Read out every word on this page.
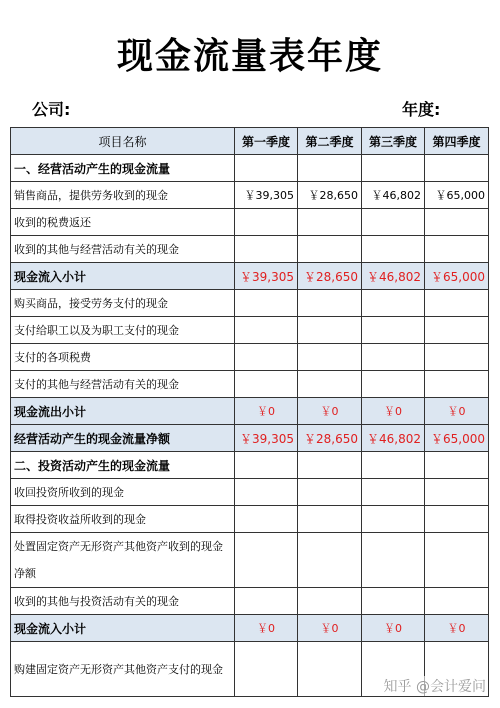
现金流量表年度
公司:	年度:
项目名称	第一季度	第二季度	第三季度	第四季度
一、经营活动产生的现金流量				
销售商品，提供劳务收到的现金	￥39,305	￥28,650	￥46,802	￥65,000
收到的税费返还				
收到的其他与经营活动有关的现金				
现金流入小计	￥39,305	￥28,650	￥46,802	￥65,000
购买商品，接受劳务支付的现金				
支付给职工以及为职工支付的现金				
支付的各项税费				
支付的其他与经营活动有关的现金				
现金流出小计	￥0	￥0	￥0	￥0
经营活动产生的现金流量净额	￥39,305	￥28,650	￥46,802	￥65,000
二、投资活动产生的现金流量				
收回投资所收到的现金				
取得投资收益所收到的现金				
处置固定资产无形资产其他资产收到的现金净额				
收到的其他与投资活动有关的现金				
现金流入小计	￥0	￥0	￥0	￥0
购建固定资产无形资产其他资产支付的现金				
知乎 @会计爱问
